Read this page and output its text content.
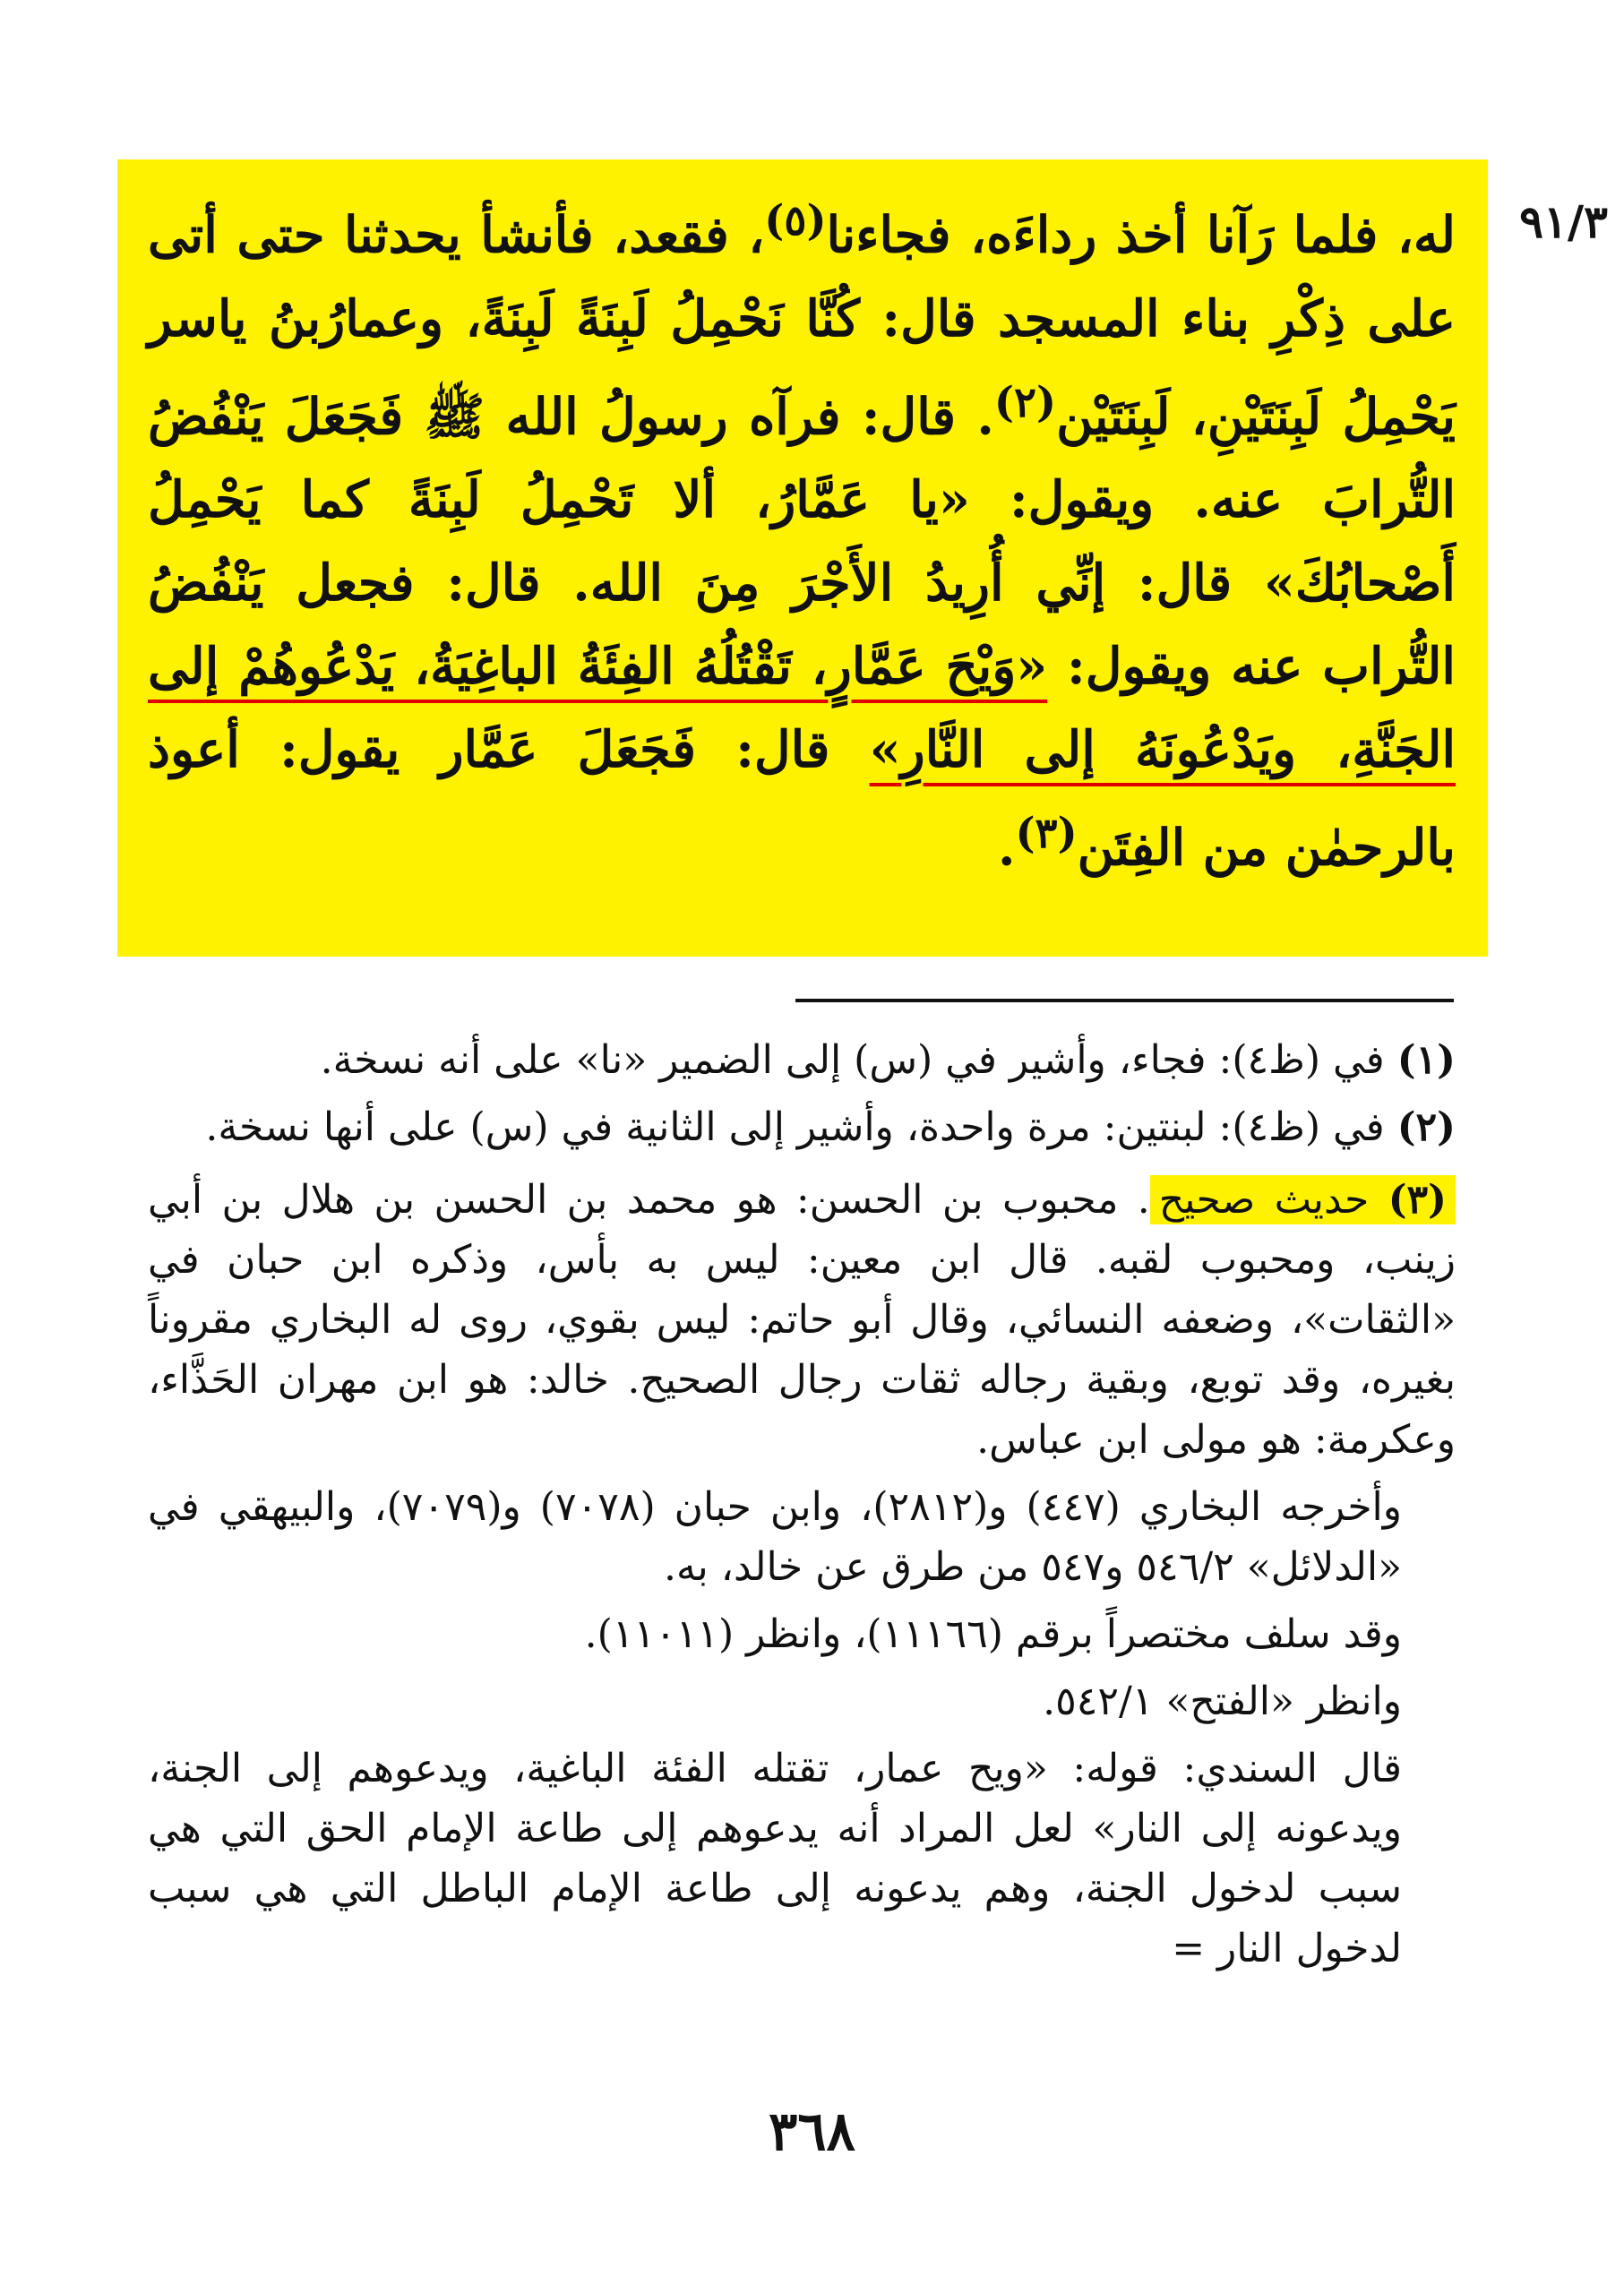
٩١/٣
له، فلما رَآنا أخذ رداءَه، فجاءنا$^{(٥)}$، فقعد، فأنشأ يحدثنا حتى أتى على ذِكْرِ بناء المسجد قال: كُنَّا نَحْمِلُ لَبِنَةً لَبِنَةً، وعمارُبنُ ياسر يَحْمِلُ لَبِنَتَيْنِ، لَبِنَتَيْن$^{(٢)}$. قال: فرآه رسولُ الله ﷺ فَجَعَلَ يَنْفُضُ التُّرابَ عنه. ويقول: «يا عَمَّارُ، ألا تَحْمِلُ لَبِنَةً كما يَحْمِلُ أَصْحابُكَ» قال: إنِّي أُرِيدُ الأَجْرَ مِنَ الله. قال: فجعل يَنْفُضُ التُّراب عنه ويقول: «وَيْحَ عَمَّارٍ، تَقْتُلُهُ الفِئَةُ الباغِيَةُ، يَدْعُوهُمْ إلى الجَنَّةِ، ويَدْعُونَهُ إلى النَّارِ» قال: فَجَعَلَ عَمَّار يقول: أعوذ بالرحمٰن من الفِتَن$^{(٣)}$.

(١) في (ظ٤): فجاء، وأشير في (س) إلى الضمير «نا» على أنه نسخة.

(٢) في (ظ٤): لبنتين: مرة واحدة، وأشير إلى الثانية في (س) على أنها نسخة.

(٣) حديث صحيح. محبوب بن الحسن: هو محمد بن الحسن بن هلال بن أبي زينب، ومحبوب لقبه. قال ابن معين: ليس به بأس، وذكره ابن حبان في «الثقات»، وضعفه النسائي، وقال أبو حاتم: ليس بقوي، روى له البخاري مقروناً بغيره، وقد توبع، وبقية رجاله ثقات رجال الصحيح. خالد: هو ابن مهران الحَذَّاء، وعكرمة: هو مولى ابن عباس.

وأخرجه البخاري (٤٤٧) و(٢٨١٢)، وابن حبان (٧٠٧٨) و(٧٠٧٩)، والبيهقي في «الدلائل» ٥٤٦/٢ و٥٤٧ من طرق عن خالد، به.

وقد سلف مختصراً برقم (١١١٦٦)، وانظر (١١٠١١).

وانظر «الفتح» ٥٤٢/١.

قال السندي: قوله: «ويح عمار، تقتله الفئة الباغية، ويدعوهم إلى الجنة، ويدعونه إلى النار» لعل المراد أنه يدعوهم إلى طاعة الإمام الحق التي هي سبب لدخول الجنة، وهم يدعونه إلى طاعة الإمام الباطل التي هي سبب لدخول النار =

٣٦٨
